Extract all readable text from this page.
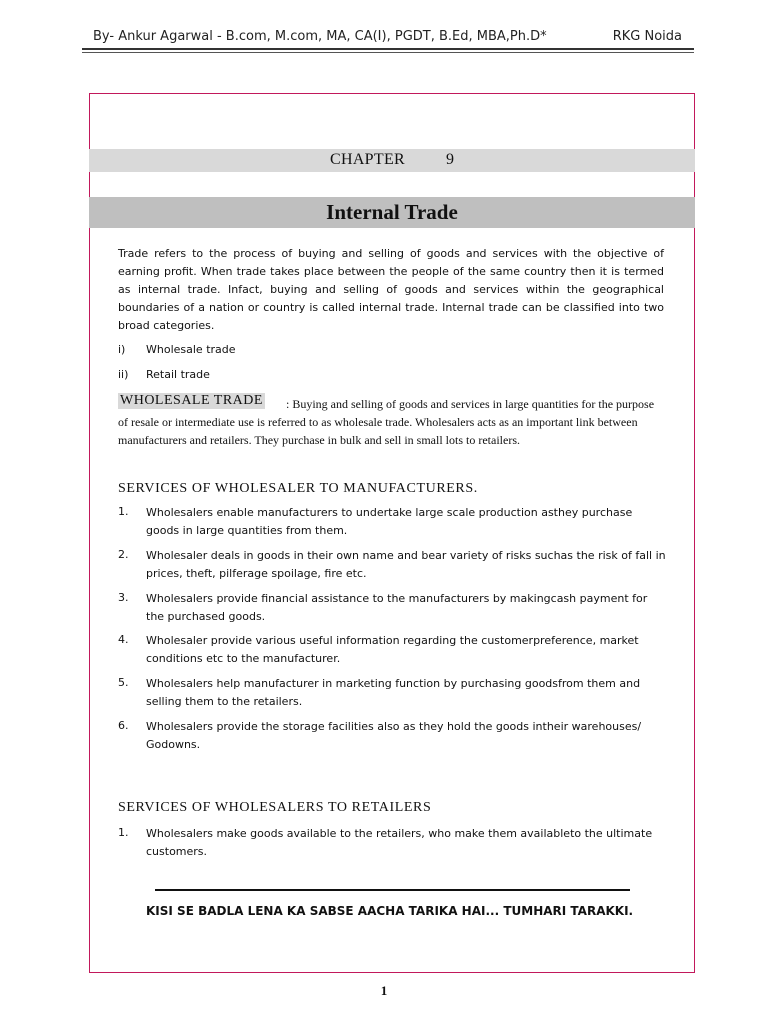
By- Ankur Agarwal - B.com, M.com, MA, CA(I), PGDT, B.Ed, MBA,Ph.D*	RKG Noida
CHAPTER	9
Internal Trade
Trade refers to the process of buying and selling of goods and services with the objective of earning profit. When trade takes place between the people of the same country then it is termed as internal trade. Infact, buying and selling of goods and services within the geographical boundaries of a nation or country is called internal trade. Internal trade can be classified into two broad categories.
i) Wholesale trade
ii) Retail trade
: Buying and selling of goods and services in large quantities for the purpose of resale or intermediate use is referred to as wholesale trade. Wholesalers acts as an important link between manufacturers and retailers. They purchase in bulk and sell in small lots to retailers.
WHOLESALE TRADE
SERVICES OF WHOLESALER TO MANUFACTURERS.
1. Wholesalers enable manufacturers to undertake large scale production asthey purchase goods in large quantities from them.
2. Wholesaler deals in goods in their own name and bear variety of risks suchas the risk of fall in prices, theft, pilferage spoilage, fire etc.
3. Wholesalers provide financial assistance to the manufacturers by makingcash payment for the purchased goods.
4. Wholesaler provide various useful information regarding the customerpreference, market conditions etc to the manufacturer.
5. Wholesalers help manufacturer in marketing function by purchasing goodsfrom them and selling them to the retailers.
6. Wholesalers provide the storage facilities also as they hold the goods intheir warehouses/ Godowns.
SERVICES OF WHOLESALERS TO RETAILERS
1. Wholesalers make goods available to the retailers, who make them availableto the ultimate customers.
KISI SE BADLA LENA KA SABSE AACHA TARIKA HAI... TUMHARI TARAKKI.
1
